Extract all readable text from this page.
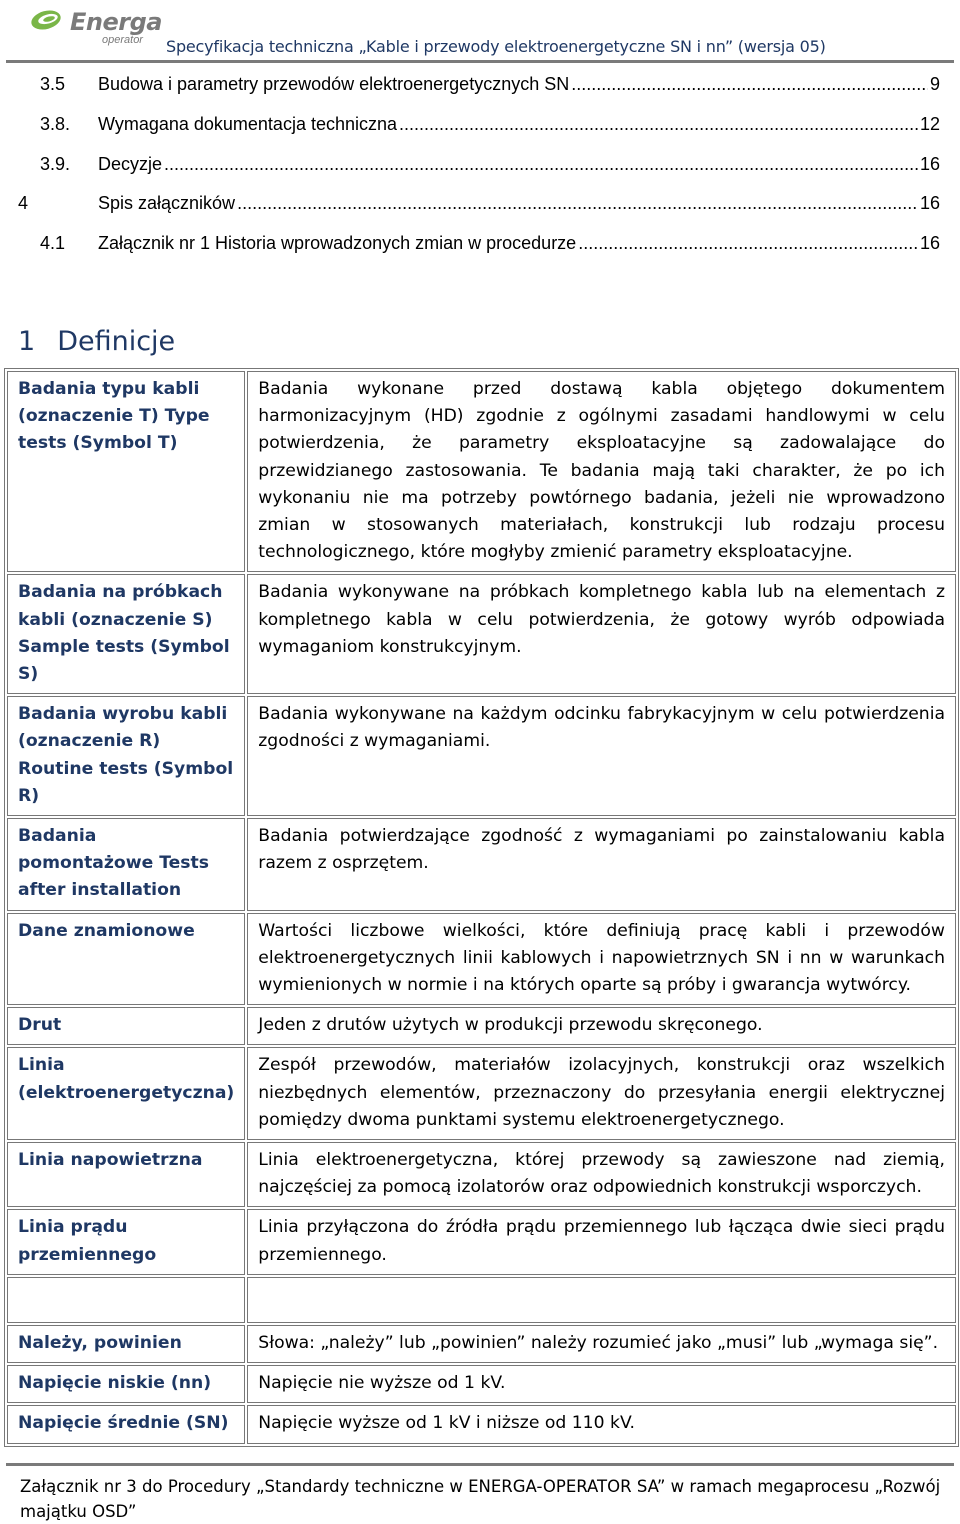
Energa
operator Specyfikacja techniczna „Kable i przewody elektroenergetyczne SN i nn” (wersja 05)
3.5	Budowa i parametry przewodów elektroenergetycznych SN .....	9
3.8.	Wymagana dokumentacja techniczna .....	12
3.9.	Decyzje .....	16
4	Spis załączników .....	16
4.1	Załącznik nr 1 Historia wprowadzonych zmian w procedurze .....	16
1 Definicje
Badania typu kabli (oznaczenie T) Type tests (Symbol T)	Badania wykonane przed dostawą kabla objętego dokumentem harmonizacyjnym (HD) zgodnie z ogólnymi zasadami handlowymi w celu potwierdzenia, że parametry eksploatacyjne są zadowalające do przewidzianego zastosowania. Te badania mają taki charakter, że po ich wykonaniu nie ma potrzeby powtórnego badania, jeżeli nie wprowadzono zmian w stosowanych materiałach, konstrukcji lub rodzaju procesu technologicznego, które mogłyby zmienić parametry eksploatacyjne.
Badania na próbkach kabli (oznaczenie S) Sample tests (Symbol S)	Badania wykonywane na próbkach kompletnego kabla lub na elementach z kompletnego kabla w celu potwierdzenia, że gotowy wyrób odpowiada wymaganiom konstrukcyjnym.
Badania wyrobu kabli (oznaczenie R) Routine tests (Symbol R)	Badania wykonywane na każdym odcinku fabrykacyjnym w celu potwierdzenia zgodności z wymaganiami.
Badania pomontażowe Tests after installation	Badania potwierdzające zgodność z wymaganiami po zainstalowaniu kabla razem z osprzętem.
Dane znamionowe	Wartości liczbowe wielkości, które definiują pracę kabli i przewodów elektroenergetycznych linii kablowych i napowietrznych SN i nn w warunkach wymienionych w normie i na których oparte są próby i gwarancja wytwórcy.
Drut	Jeden z drutów użytych w produkcji przewodu skręconego.
Linia (elektroenergetyczna)	Zespół przewodów, materiałów izolacyjnych, konstrukcji oraz wszelkich niezbędnych elementów, przeznaczony do przesyłania energii elektrycznej pomiędzy dwoma punktami systemu elektroenergetycznego.
Linia napowietrzna	Linia elektroenergetyczna, której przewody są zawieszone nad ziemią, najczęściej za pomocą izolatorów oraz odpowiednich konstrukcji wsporczych.
Linia prądu przemiennego	Linia przyłączona do źródła prądu przemiennego lub łącząca dwie sieci prądu przemiennego.

Należy, powinien	Słowa: „należy” lub „powinien” należy rozumieć jako „musi” lub „wymaga się”.
Napięcie niskie (nn)	Napięcie nie wyższe od 1 kV.
Napięcie średnie (SN)	Napięcie wyższe od 1 kV i niższe od 110 kV.
Załącznik nr 3 do Procedury „Standardy techniczne w ENERGA-OPERATOR SA” w ramach megaprocesu „Rozwój majątku OSD”
